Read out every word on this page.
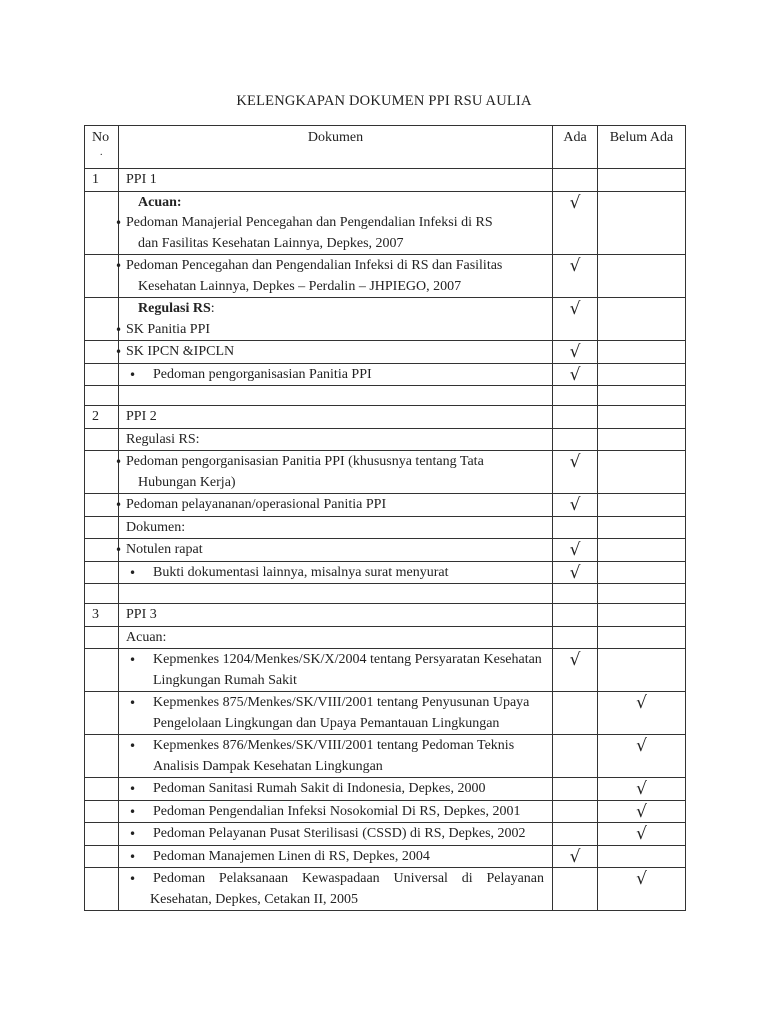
KELENGKAPAN DOKUMEN PPI RSU AULIA
No
.	Dokumen	Ada	Belum Ada
1	PPI 1		

	Acuan:
• Pedoman Manajerial Pencegahan dan Pengendalian Infeksi di RS
dan Fasilitas Kesehatan Lainnya, Depkes, 2007	√	

	• Pedoman Pencegahan dan Pengendalian Infeksi di RS dan Fasilitas
Kesehatan Lainnya, Depkes – Perdalin – JHPIEGO, 2007	√	

	Regulasi RS:
• SK Panitia PPI	√	

	• SK IPCN &IPCLN	√	

	• Pedoman pengorganisasian Panitia PPI	√	

2	PPI 2		
	Regulasi RS:		

	• Pedoman pengorganisasian Panitia PPI (khususnya tentang Tata
Hubungan Kerja)	√	

	• Pedoman pelayananan/operasional Panitia PPI	√	
	Dokumen:		

	• Notulen rapat	√	

	• Bukti dokumentasi lainnya, misalnya surat menyurat	√	

3	PPI 3		
	Acuan:		

	• Kepmenkes 1204/Menkes/SK/X/2004 tentang Persyaratan Kesehatan Lingkungan Rumah Sakit	√	

	• Kepmenkes 875/Menkes/SK/VIII/2001 tentang Penyusunan Upaya Pengelolaan Lingkungan dan Upaya Pemantauan Lingkungan		√

	• Kepmenkes 876/Menkes/SK/VIII/2001 tentang Pedoman Teknis Analisis Dampak Kesehatan Lingkungan		√

	• Pedoman Sanitasi Rumah Sakit di Indonesia, Depkes, 2000		√

	• Pedoman Pengendalian Infeksi Nosokomial Di RS, Depkes, 2001		√

	• Pedoman Pelayanan Pusat Sterilisasi (CSSD) di RS, Depkes, 2002		√

	• Pedoman Manajemen Linen di RS, Depkes, 2004	√	

	• Pedoman Pelaksanaan Kewaspadaan Universal di Pelayanan
Kesehatan, Depkes, Cetakan II, 2005		√
